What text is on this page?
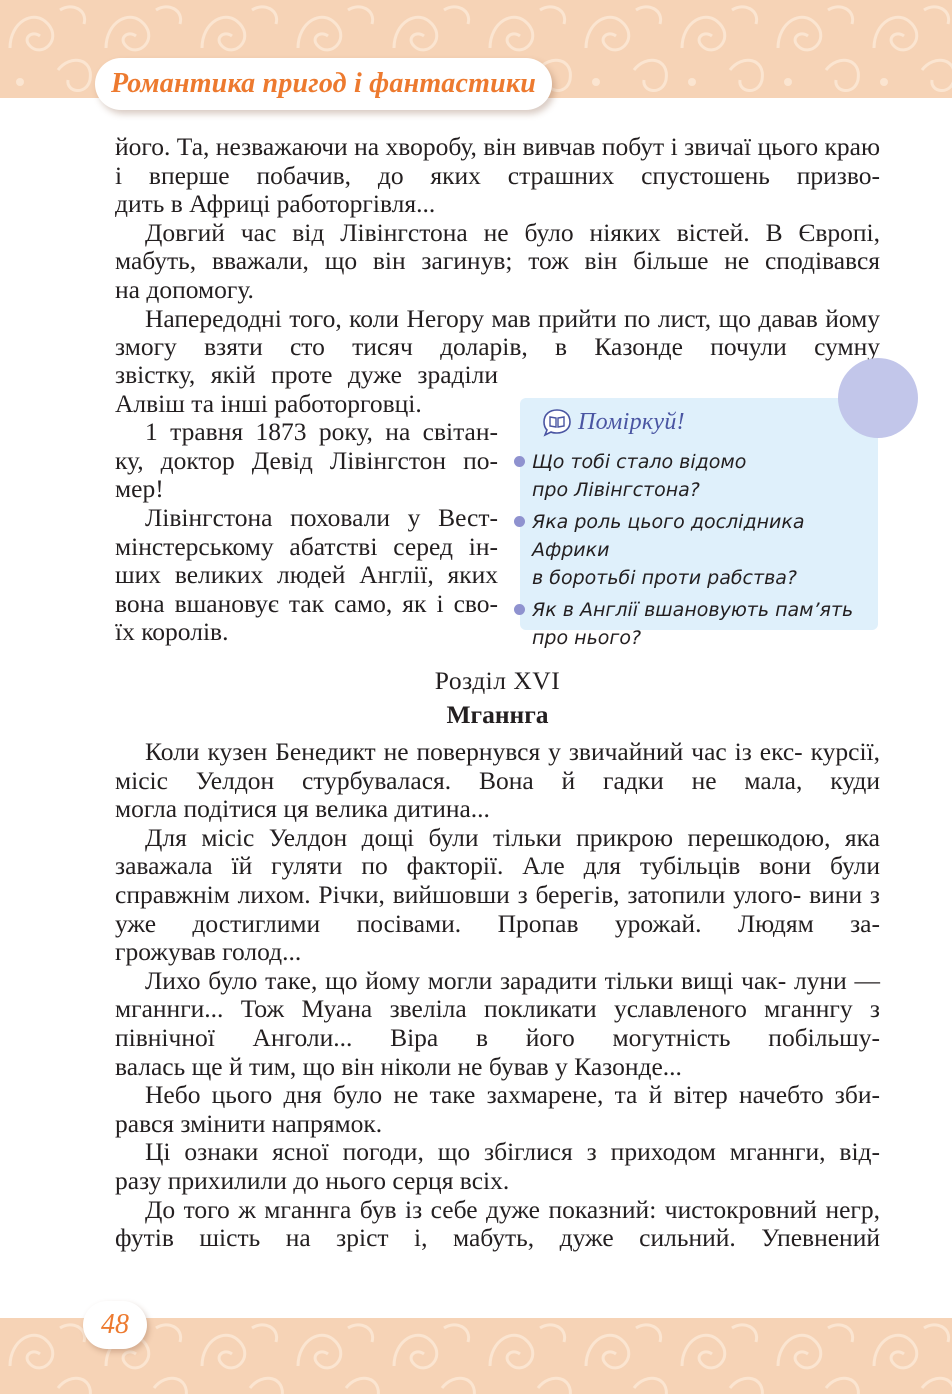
Романтика пригод і фантастики

його. Та, незважаючи на хворобу, він вивчав побут і звичаї цього краю і вперше побачив, до яких страшних спустошень призво-

дить в Африці работоргівля...

Довгий час від Лівінгстона не було ніяких вістей. В Європі, мабуть, вважали, що він загинув; тож він більше не сподівався

на допомогу.

Напередодні того, коли Негору мав прийти по лист, що давав йому змогу взяти сто тисяч доларів, в Казонде почули сумну

звістку, якій проте дуже зраділи

Алвіш та інші работорговці.

1 травня 1873 року, на світан-

ку, доктор Девід Лівінгстон по-

мер!

Лівінгстона поховали у Вест-

мінстерському абатстві серед ін-

ших великих людей Англії, яких

вона вшановує так само, як і сво-

їх королів.

Поміркуй!
Що тобі стало відомо
про Лівінгстона?
Яка роль цього дослідника Африки
в боротьбі проти рабства?
Як в Англії вшановують пам’ять
про нього?
Розділ XVI
Мганнга

Коли кузен Бенедикт не повернувся у звичайний час із екс- курсії, місіс Уелдон стурбувалася. Вона й гадки не мала, куди

могла подітися ця велика дитина...

Для місіс Уелдон дощі були тільки прикрою перешкодою, яка заважала їй гуляти по факторії. Але для тубільців вони були справжнім лихом. Річки, вийшовши з берегів, затопили улого- вини з уже достиглими посівами. Пропав урожай. Людям за-

грожував голод...

Лихо було таке, що йому могли зарадити тільки вищі чак- луни — мганнги... Тож Муана звеліла покликати уславленого мганнгу з північної Анголи... Віра в його могутність побільшу-

валась ще й тим, що він ніколи не бував у Казонде...

Небо цього дня було не таке захмарене, та й вітер начебто зби-

рався змінити напрямок.

Ці ознаки ясної погоди, що збіглися з приходом мганнги, від-

разу прихилили до нього серця всіх.

До того ж мганнга був із себе дуже показний: чистокровний негр, футів шість на зріст і, мабуть, дуже сильний. Упевнений

48
